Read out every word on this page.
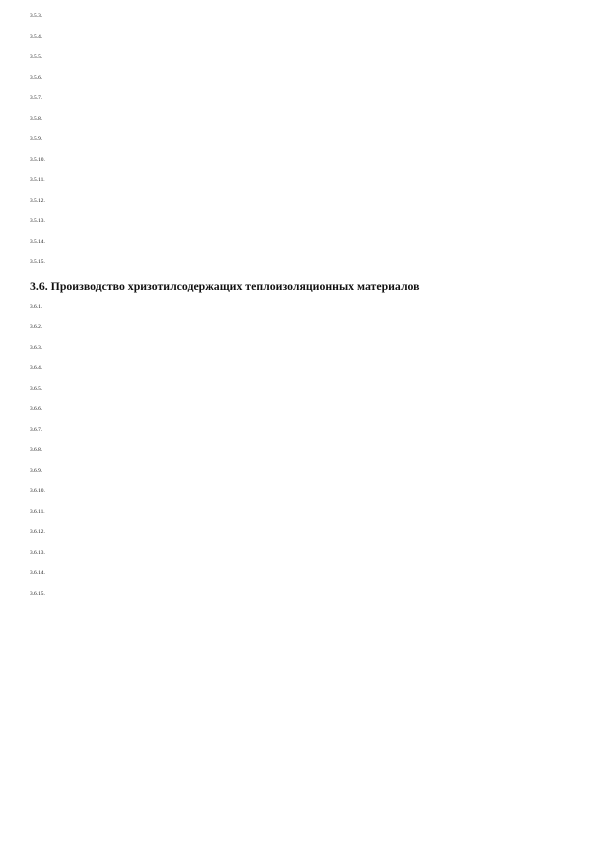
3.5.3.

3.5.4.

3.5.5.

3.5.6.

3.5.7.

3.5.8.

3.5.9.

3.5.10.

3.5.11.

3.5.12.

3.5.13.

3.5.14.

3.5.15.

3.6. Производство хризотилсодержащих теплоизоляционных материалов

3.6.1.

3.6.2.

3.6.3.

3.6.4.

3.6.5.

3.6.6.

3.6.7.

3.6.8.

3.6.9.

3.6.10.

3.6.11.

3.6.12.

3.6.13.

3.6.14.

3.6.15.
